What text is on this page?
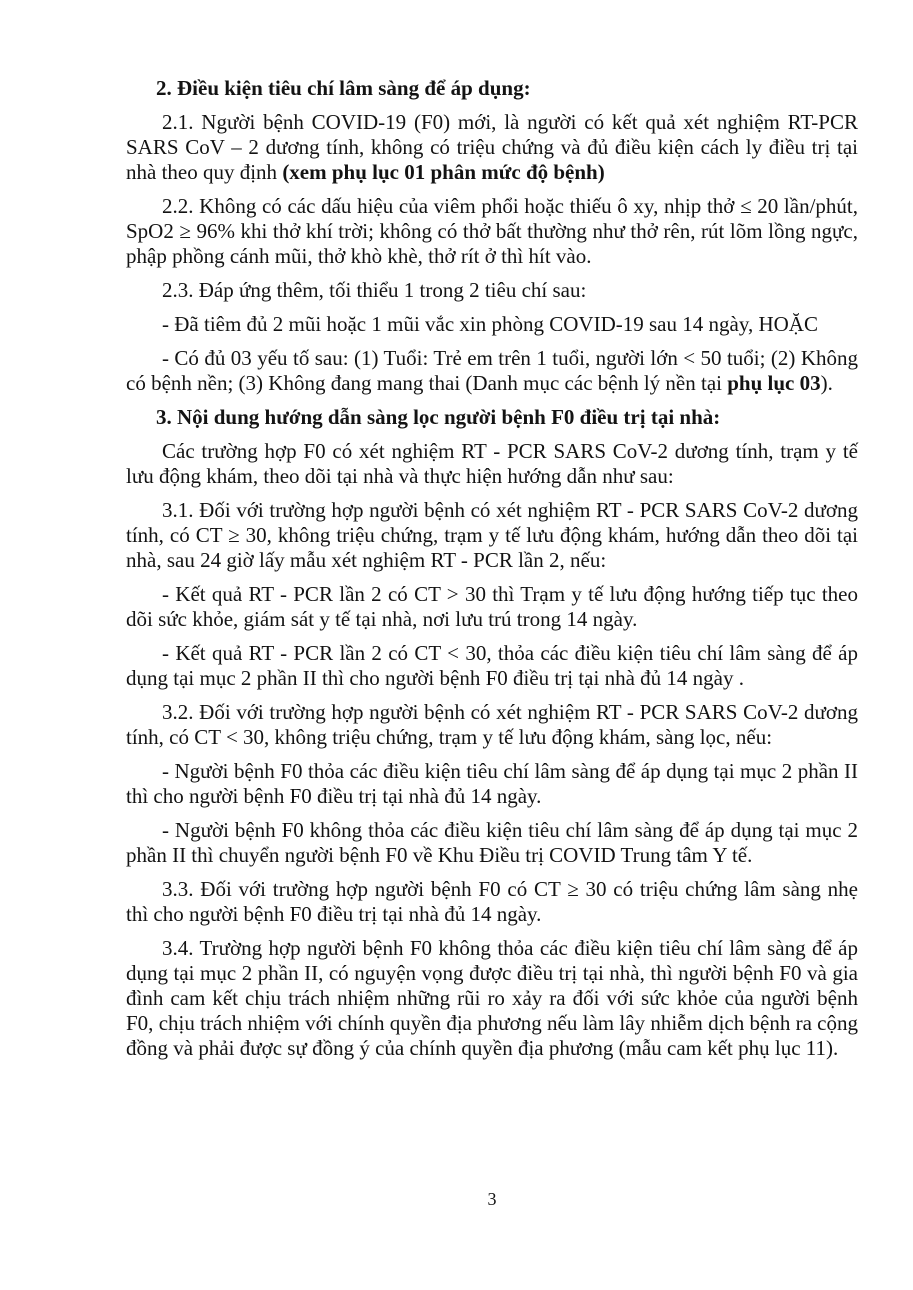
2. Điều kiện tiêu chí lâm sàng để áp dụng:

2.1. Người bệnh COVID-19 (F0) mới, là người có kết quả xét nghiệm RT-PCR SARS CoV – 2 dương tính, không có triệu chứng và đủ điều kiện cách ly điều trị tại nhà theo quy định (xem phụ lục 01 phân mức độ bệnh)

2.2. Không có các dấu hiệu của viêm phổi hoặc thiếu ô xy, nhịp thở ≤ 20 lần/phút, SpO2 ≥ 96% khi thở khí trời; không có thở bất thường như thở rên, rút lõm lồng ngực, phập phồng cánh mũi, thở khò khè, thở rít ở thì hít vào.

2.3. Đáp ứng thêm, tối thiểu 1 trong 2 tiêu chí sau:

- Đã tiêm đủ 2 mũi hoặc 1 mũi vắc xin phòng COVID-19 sau 14 ngày, HOẶC

- Có đủ 03 yếu tố sau: (1) Tuổi: Trẻ em trên 1 tuổi, người lớn < 50 tuổi; (2) Không có bệnh nền; (3) Không đang mang thai (Danh mục các bệnh lý nền tại phụ lục 03).

3. Nội dung hướng dẫn sàng lọc người bệnh F0 điều trị tại nhà:

Các trường hợp F0 có xét nghiệm RT - PCR SARS CoV-2 dương tính, trạm y tế lưu động khám, theo dõi tại nhà và thực hiện hướng dẫn như sau:

3.1. Đối với trường hợp người bệnh có xét nghiệm RT - PCR SARS CoV-2 dương tính, có CT ≥ 30, không triệu chứng, trạm y tế lưu động khám, hướng dẫn theo dõi tại nhà, sau 24 giờ lấy mẫu xét nghiệm RT - PCR lần 2, nếu:

- Kết quả RT - PCR lần 2 có CT > 30 thì Trạm y tế lưu động hướng tiếp tục theo dõi sức khỏe, giám sát y tế tại nhà, nơi lưu trú trong 14 ngày.

- Kết quả RT - PCR lần 2 có CT < 30, thỏa các điều kiện tiêu chí lâm sàng để áp dụng tại mục 2 phần II thì cho người bệnh F0 điều trị tại nhà đủ 14 ngày .

3.2. Đối với trường hợp người bệnh có xét nghiệm RT - PCR SARS CoV-2 dương tính, có CT < 30, không triệu chứng, trạm y tế lưu động khám, sàng lọc, nếu:

- Người bệnh F0 thỏa các điều kiện tiêu chí lâm sàng để áp dụng tại mục 2 phần II thì cho người bệnh F0 điều trị tại nhà đủ 14 ngày.

- Người bệnh F0 không thỏa các điều kiện tiêu chí lâm sàng để áp dụng tại mục 2 phần II thì chuyển người bệnh F0 về Khu Điều trị COVID Trung tâm Y tế.

3.3. Đối với trường hợp người bệnh F0 có CT ≥ 30 có triệu chứng lâm sàng nhẹ thì cho người bệnh F0 điều trị tại nhà đủ 14 ngày.

3.4. Trường hợp người bệnh F0 không thỏa các điều kiện tiêu chí lâm sàng để áp dụng tại mục 2 phần II, có nguyện vọng được điều trị tại nhà, thì người bệnh F0 và gia đình cam kết chịu trách nhiệm những rũi ro xảy ra đối với sức khỏe của người bệnh F0, chịu trách nhiệm với chính quyền địa phương nếu làm lây nhiễm dịch bệnh ra cộng đồng và phải được sự đồng ý của chính quyền địa phương (mẫu cam kết phụ lục 11).

3
